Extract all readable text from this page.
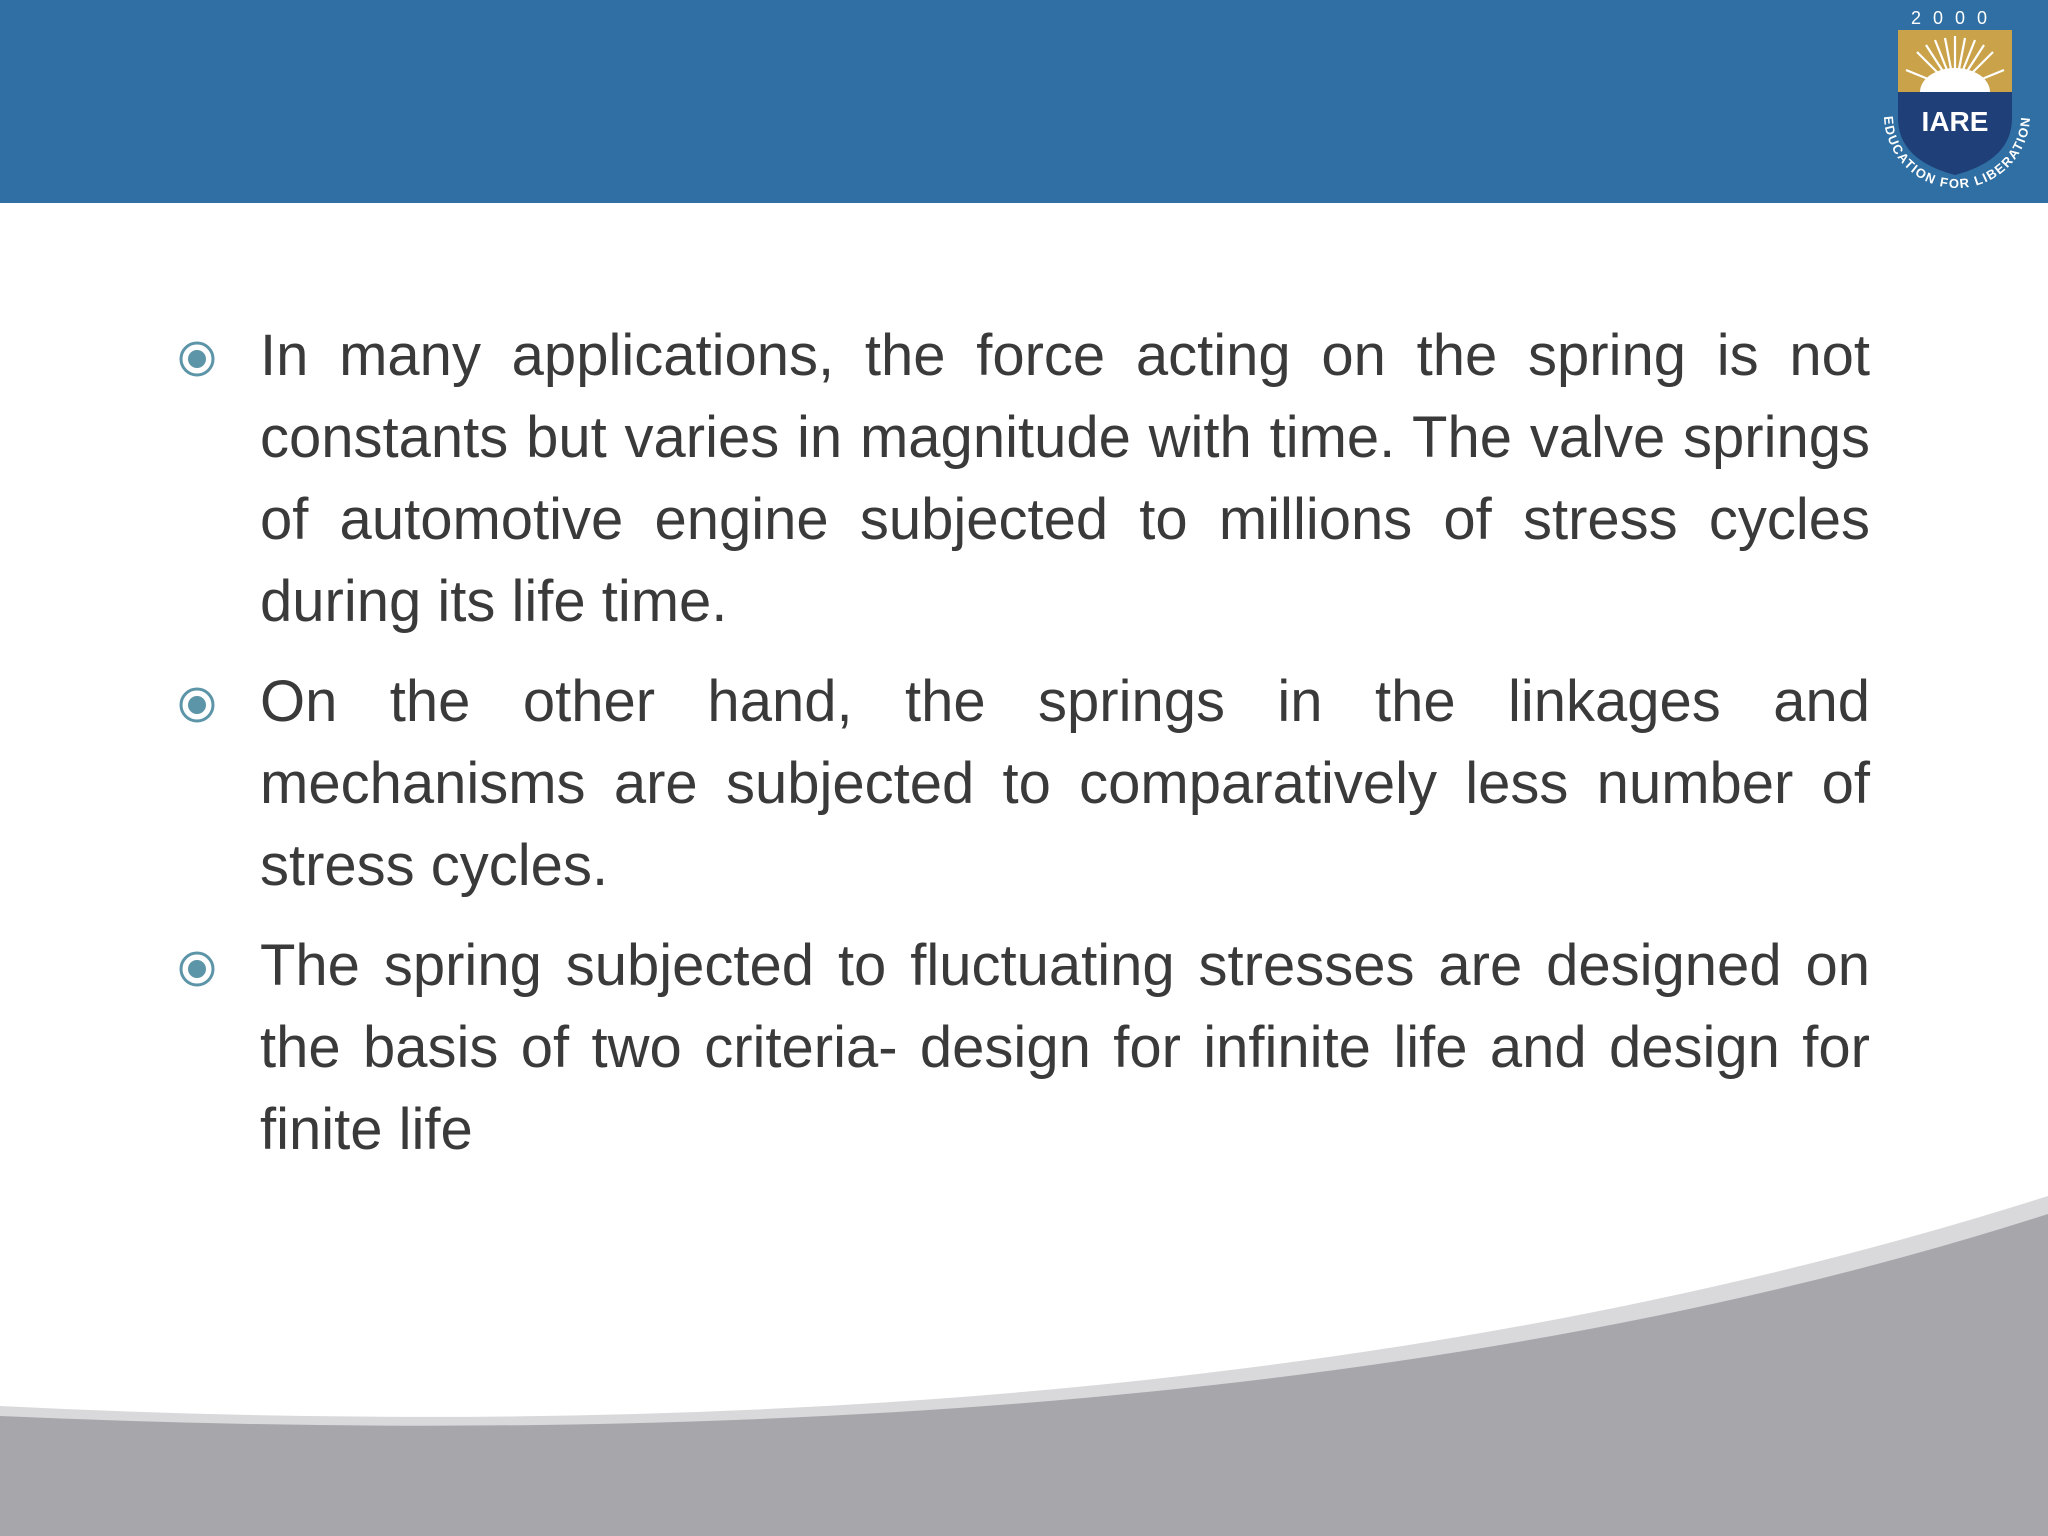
2000
IARE
EDUCATION FOR LIBERATION
In many applications, the force acting on the spring is not constants but varies in magnitude with time. The valve springs of automotive engine subjected to millions of stress cycles during its life time.
On the other hand, the springs in the linkages and mechanisms are subjected to comparatively less number of stress cycles.
The spring subjected to fluctuating stresses are designed on the basis of two criteria- design for infinite life and design for finite life
